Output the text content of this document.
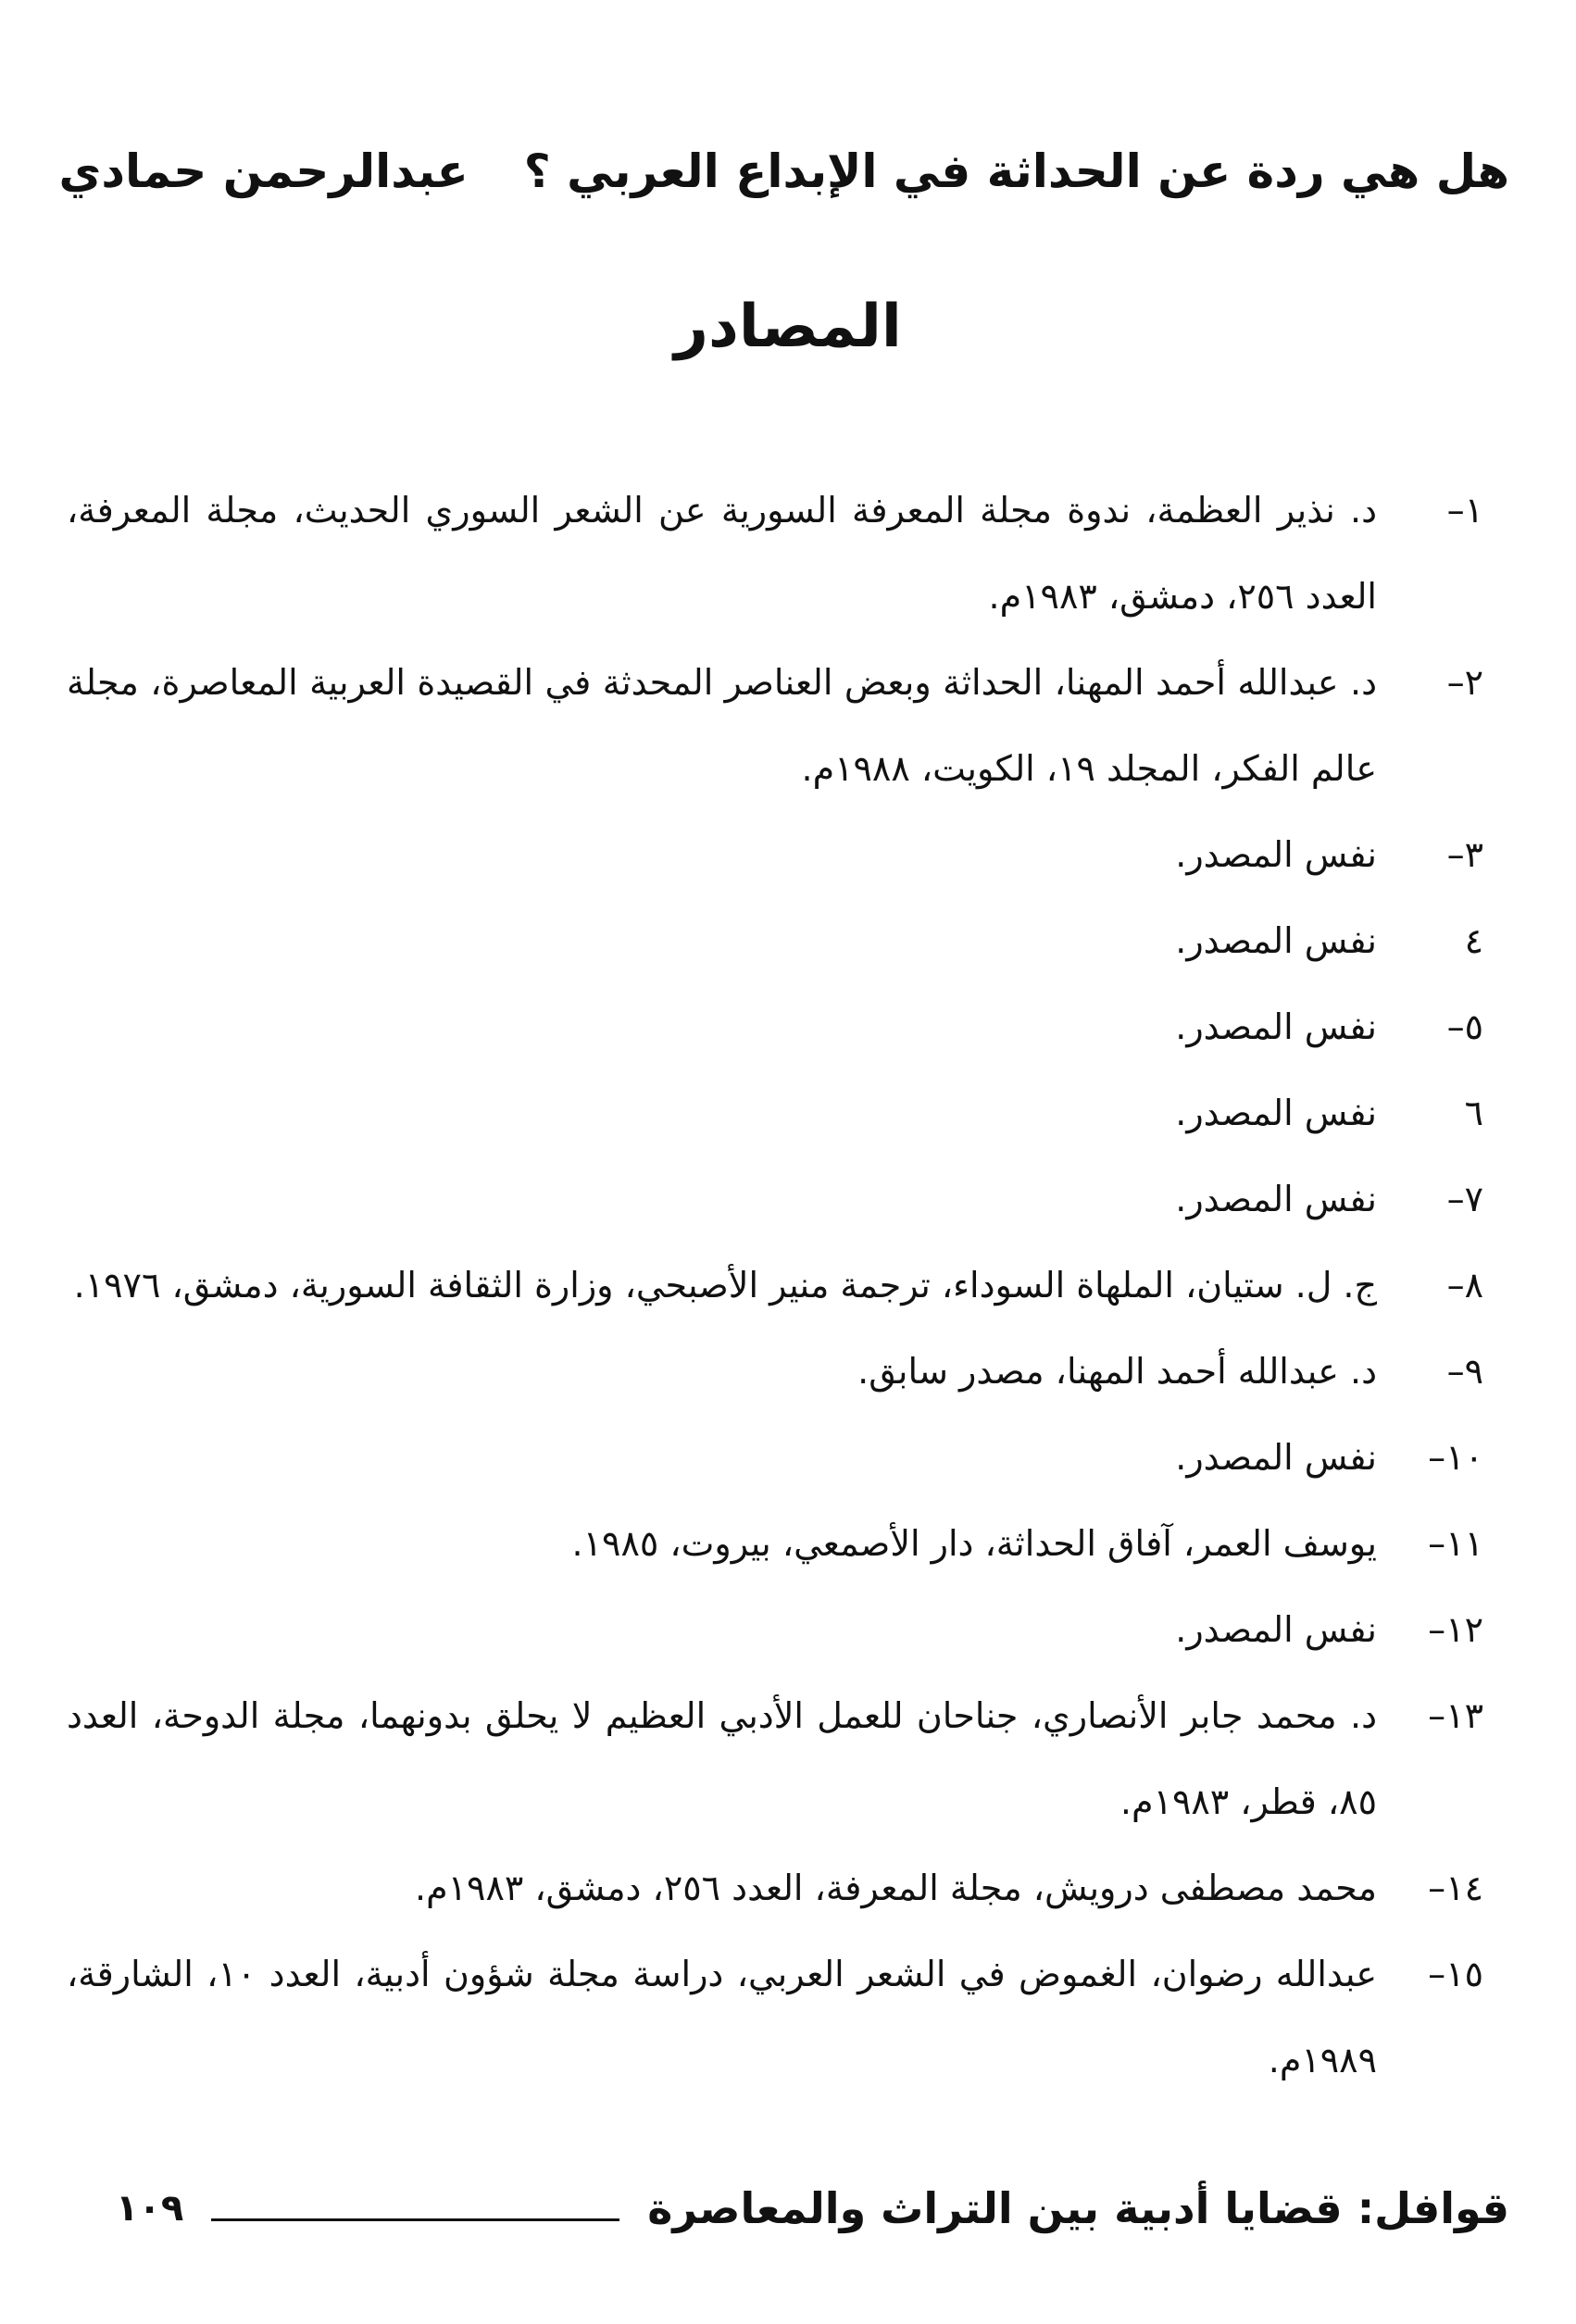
هل هي ردة عن الحداثة في الإبداع العربي ؟
عبدالرحمن حمادي
المصادر
١–
د. نذير العظمة، ندوة مجلة المعرفة السورية عن الشعر السوري الحديث، مجلة المعرفة، العدد ٢٥٦، دمشق، ١٩٨٣م.
٢–
د. عبدالله أحمد المهنا، الحداثة وبعض العناصر المحدثة في القصيدة العربية المعاصرة، مجلة عالم الفكر، المجلد ١٩، الكويت، ١٩٨٨م.
٣–
نفس المصدر.
٤
نفس المصدر.
٥–
نفس المصدر.
٦
نفس المصدر.
٧–
نفس المصدر.
٨–
ج. ل. ستيان، الملهاة السوداء، ترجمة منير الأصبحي، وزارة الثقافة السورية، دمشق، ١٩٧٦.
٩–
د. عبدالله أحمد المهنا، مصدر سابق.
١٠–
نفس المصدر.
١١–
يوسف العمر، آفاق الحداثة، دار الأصمعي، بيروت، ١٩٨٥.
١٢–
نفس المصدر.
١٣–
د. محمد جابر الأنصاري، جناحان للعمل الأدبي العظيم لا يحلق بدونهما، مجلة الدوحة، العدد ٨٥، قطر، ١٩٨٣م.
١٤–
محمد مصطفى درويش، مجلة المعرفة، العدد ٢٥٦، دمشق، ١٩٨٣م.
١٥–
عبدالله رضوان، الغموض في الشعر العربي، دراسة مجلة شؤون أدبية، العدد ١٠، الشارقة، ١٩٨٩م.
قوافل: قضايا أدبية بين التراث والمعاصرة
١٠٩
